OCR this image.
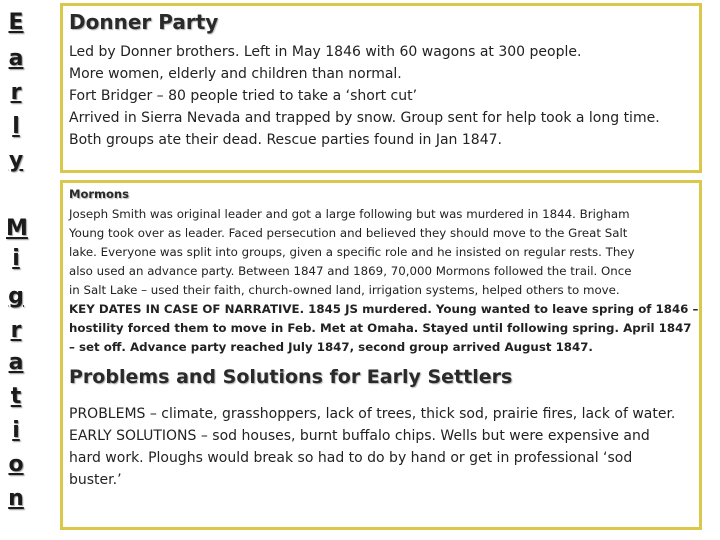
E
a
r
l
y
M
i
g
r
a
t
i
o
n
Donner Party
Led by Donner brothers. Left in May 1846 with 60 wagons at 300 people.
More women, elderly and children than normal.
Fort Bridger – 80 people tried to take a ‘short cut’
Arrived in Sierra Nevada and trapped by snow. Group sent for help took a long time.
Both groups ate their dead. Rescue parties found in Jan 1847.
Mormons
Joseph Smith was original leader and got a large following but was murdered in 1844. Brigham
Young took over as leader. Faced persecution and believed they should move to the Great Salt
lake. Everyone was split into groups, given a specific role and he insisted on regular rests. They
also used an advance party. Between 1847 and 1869, 70,000 Mormons followed the trail. Once
in Salt Lake – used their faith, church-owned land, irrigation systems, helped others to move.
KEY DATES IN CASE OF NARRATIVE. 1845 JS murdered. Young wanted to leave spring of 1846 –
hostility forced them to move in Feb. Met at Omaha. Stayed until following spring. April 1847
– set off. Advance party reached July 1847, second group arrived August 1847.
Problems and Solutions for Early Settlers
PROBLEMS – climate, grasshoppers, lack of trees, thick sod, prairie fires, lack of water.
EARLY SOLUTIONS – sod houses, burnt buffalo chips. Wells but were expensive and
hard work. Ploughs would break so had to do by hand or get in professional ‘sod
buster.’
